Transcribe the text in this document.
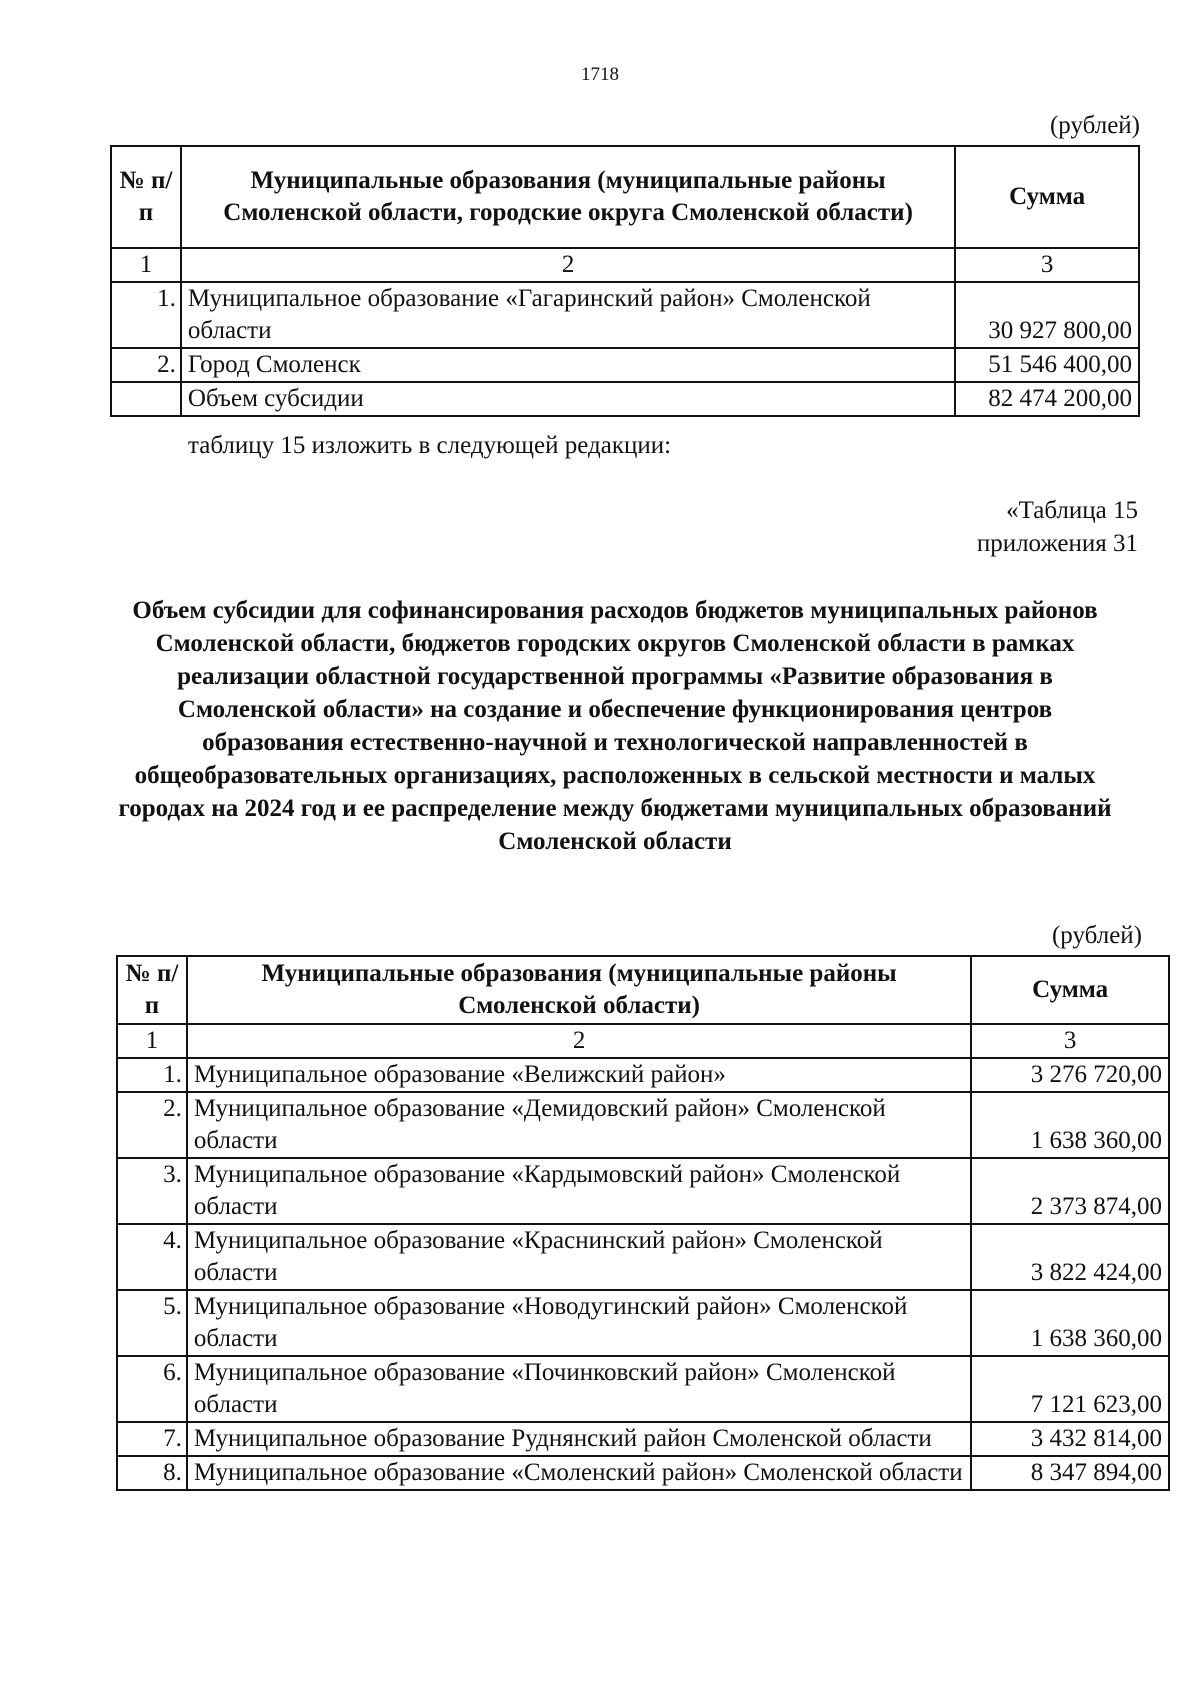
1718
(рублей)
№ п/п	Муниципальные образования (муниципальные районы Смоленской области, городские округа Смоленской области)	Сумма
1	2	3
1.	Муниципальное образование «Гагаринский район» Смоленской области	30 927 800,00
2.	Город Смоленск	51 546 400,00
	Объем субсидии	82 474 200,00
таблицу 15 изложить в следующей редакции:
«Таблица 15
приложения 31
Объем субсидии для софинансирования расходов бюджетов муниципальных районов Смоленской области, бюджетов городских округов Смоленской области в рамках реализации областной государственной программы «Развитие образования в Смоленской области» на создание и обеспечение функционирования центров образования естественно-научной и технологической направленностей в общеобразовательных организациях, расположенных в сельской местности и малых городах на 2024 год и ее распределение между бюджетами муниципальных образований Смоленской области
(рублей)
№ п/п	Муниципальные образования (муниципальные районы Смоленской области)	Сумма
1	2	3
1.	Муниципальное образование «Велижский район»	3 276 720,00
2.	Муниципальное образование «Демидовский район» Смоленской области	1 638 360,00
3.	Муниципальное образование «Кардымовский район» Смоленской области	2 373 874,00
4.	Муниципальное образование «Краснинский район» Смоленской области	3 822 424,00
5.	Муниципальное образование «Новодугинский район» Смоленской области	1 638 360,00
6.	Муниципальное образование «Починковский район» Смоленской области	7 121 623,00
7.	Муниципальное образование Руднянский район Смоленской области	3 432 814,00
8.	Муниципальное образование «Смоленский район» Смоленской области	8 347 894,00
